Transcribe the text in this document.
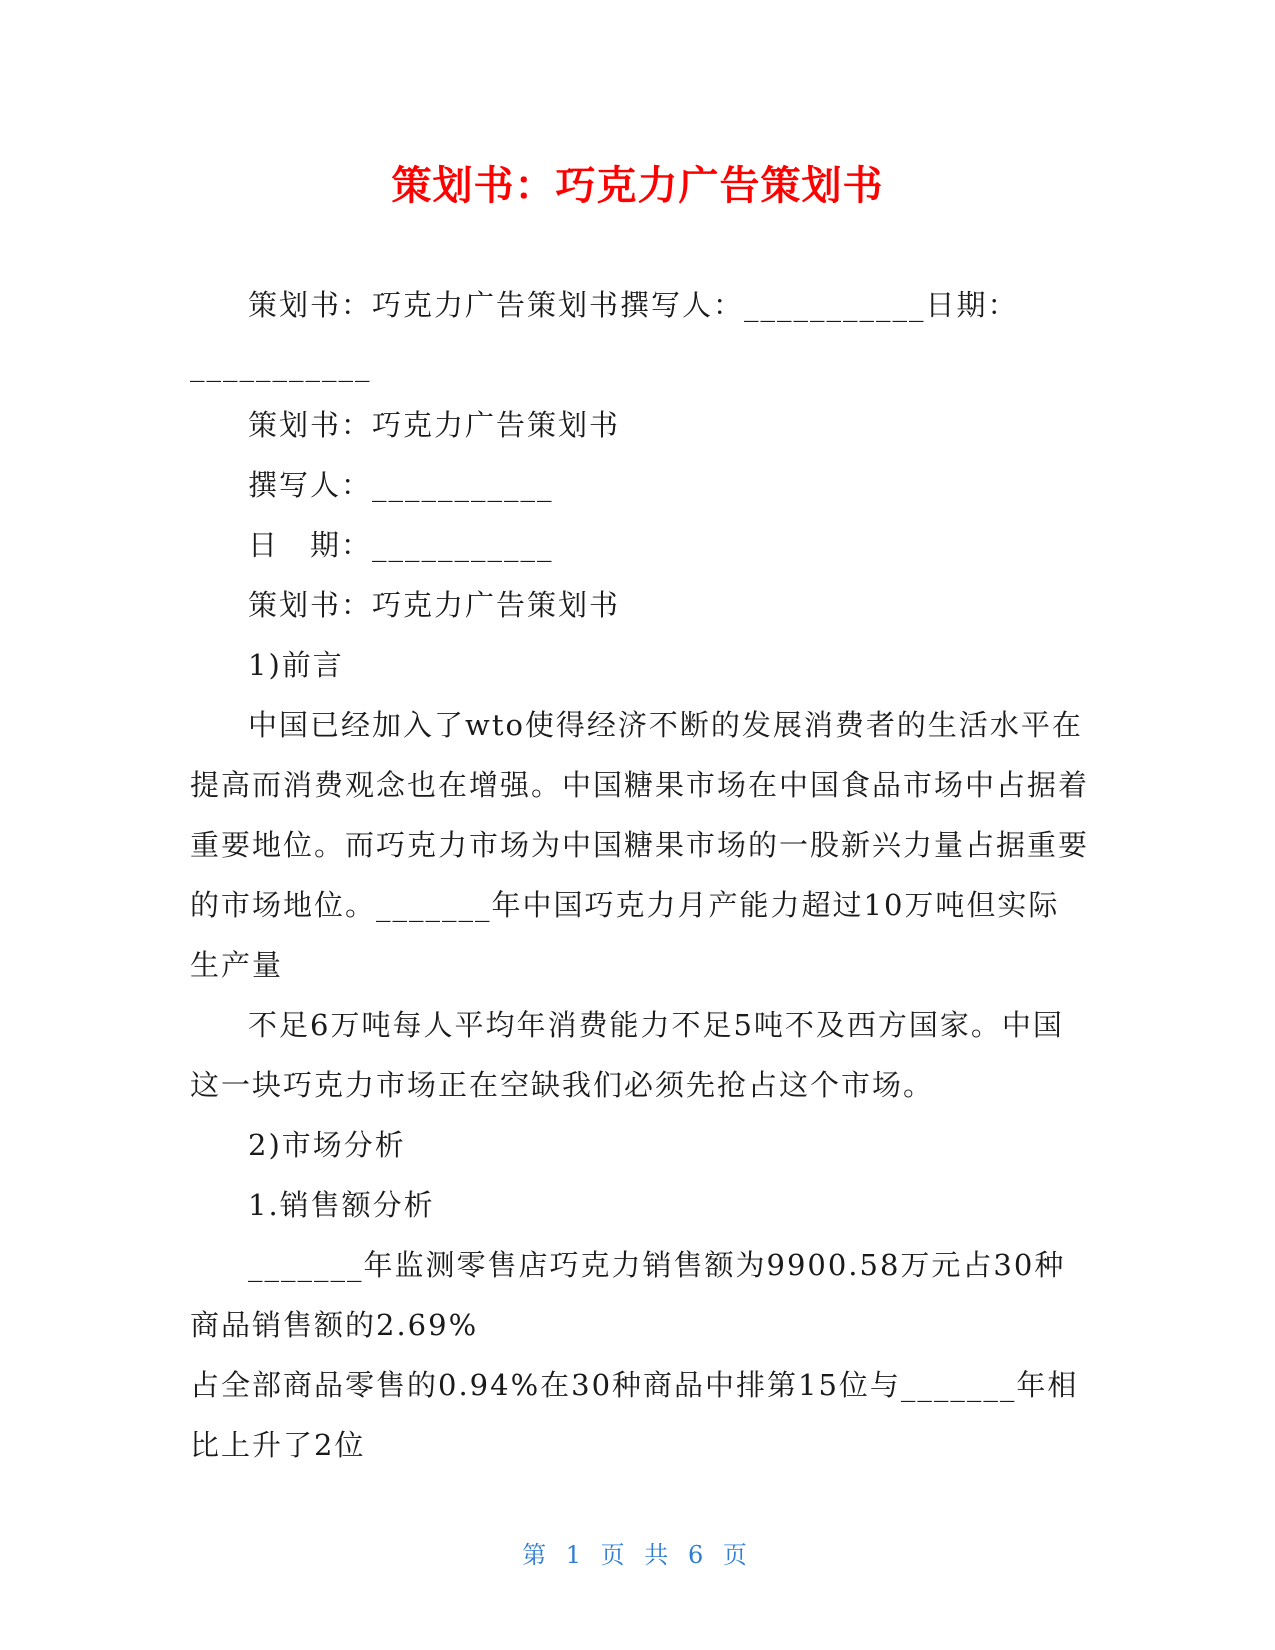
策划书：巧克力广告策划书

策划书：巧克力广告策划书撰写人：___________日期：___________

策划书：巧克力广告策划书

撰写人：___________

日　期：___________

策划书：巧克力广告策划书

1)前言

中国已经加入了wto使得经济不断的发展消费者的生活水平在提高而消费观念也在增强。中国糖果市场在中国食品市场中占据着重要地位。而巧克力市场为中国糖果市场的一股新兴力量占据重要的市场地位。_______年中国巧克力月产能力超过10万吨但实际生产量

不足6万吨每人平均年消费能力不足5吨不及西方国家。中国这一块巧克力市场正在空缺我们必须先抢占这个市场。

2)市场分析

1.销售额分析

_______年监测零售店巧克力销售额为9900.58万元占30种商品销售额的2.69%

占全部商品零售的0.94%在30种商品中排第15位与_______年相比上升了2位

第 1 页 共 6 页
